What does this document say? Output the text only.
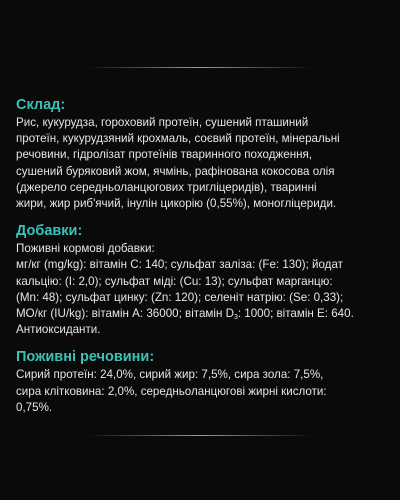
Склад:

Рис, кукурудза, гороховий протеїн, сушений пташиний
протеїн, кукурудзяний крохмаль, соєвий протеїн, мінеральні
речовини, гідролізат протеїнів тваринного походження,
сушений буряковий жом, ячмінь, рафінована кокосова олія
(джерело середньоланцюгових тригліцеридів), тваринні
жири, жир риб'ячий, інулін цикорію (0,55%), моногліцериди.

Добавки:

Поживні кормові добавки:
мг/кг (mg/kg): вітамін С: 140; сульфат заліза: (Fe: 130); йодат
кальцію: (I: 2,0); сульфат міді: (Cu: 13); сульфат марганцю:
(Mn: 48); сульфат цинку: (Zn: 120); селеніт натрію: (Se: 0,33);
МО/кг (IU/kg): вітамін А: 36000; вітамін $D_3$: 1000; вітамін Е: 640.
Антиоксиданти.

Поживні речовини:

Сирий протеїн: 24,0%, сирий жир: 7,5%, сира зола: 7,5%,
сира клітковина: 2,0%, середньоланцюгові жирні кислоти:
0,75%.
